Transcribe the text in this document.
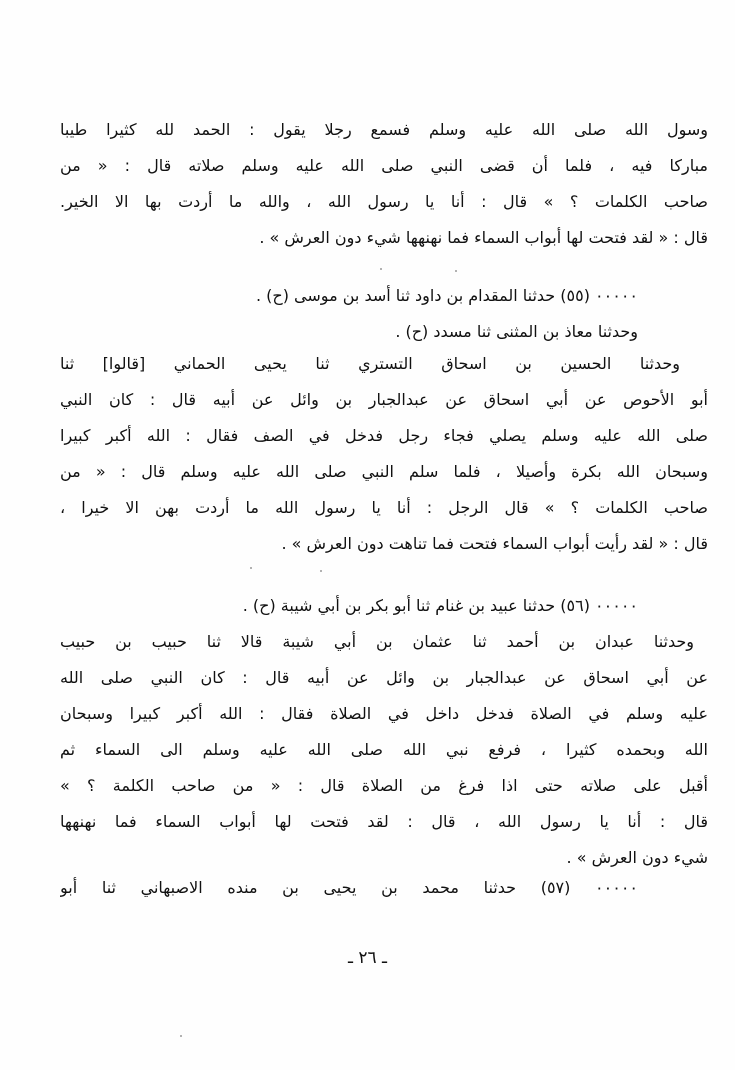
وسول الله صلى الله عليه وسلم فسمع رجلا يقول : الحمد لله كثيرا طيبا
مباركا فيه ، فلما أن قضى النبي صلى الله عليه وسلم صلاته قال : « من
صاحب الكلمات ؟ » قال : أنا يا رسول الله ، والله ما أردت بها الا الخير.
قال : « لقد فتحت لها أبواب السماء فما نهنهها شيء دون العرش » .
٠٠٠٠٠ (٥٥) حدثنا المقدام بن داود ثنا أسد بن موسى (ح) .
وحدثنا معاذ بن المثنى ثنا مسدد (ح) .
وحدثنا الحسين بن اسحاق التستري ثنا يحيى الحماني [قالوا] ثنا
أبو الأحوص عن أبي اسحاق عن عبدالجبار بن وائل عن أبيه قال : كان النبي
صلى الله عليه وسلم يصلي فجاء رجل فدخل في الصف فقال : الله أكبر كبيرا
وسبحان الله بكرة وأصيلا ، فلما سلم النبي صلى الله عليه وسلم قال : « من
صاحب الكلمات ؟ » قال الرجل : أنا يا رسول الله ما أردت بهن الا خيرا ،
قال : « لقد رأيت أبواب السماء فتحت فما تناهت دون العرش » .
٠٠٠٠٠ (٥٦) حدثنا عبيد بن غنام ثنا أبو بكر بن أبي شيبة (ح) .
وحدثنا عبدان بن أحمد ثنا عثمان بن أبي شيبة قالا ثنا حبيب بن حبيب
عن أبي اسحاق عن عبدالجبار بن وائل عن أبيه قال : كان النبي صلى الله
عليه وسلم في الصلاة فدخل داخل في الصلاة فقال : الله أكبر كبيرا وسبحان
الله وبحمده كثيرا ، فرفع نبي الله صلى الله عليه وسلم الى السماء ثم
أقبل على صلاته حتى اذا فرغ من الصلاة قال : « من صاحب الكلمة ؟ »
قال : أنا يا رسول الله ، قال : لقد فتحت لها أبواب السماء فما نهنهها
شيء دون العرش » .
٠٠٠٠٠ (٥٧) حدثنا محمد بن يحيى بن منده الاصبهاني ثنا أبو
ـ ٢٦ ـ
